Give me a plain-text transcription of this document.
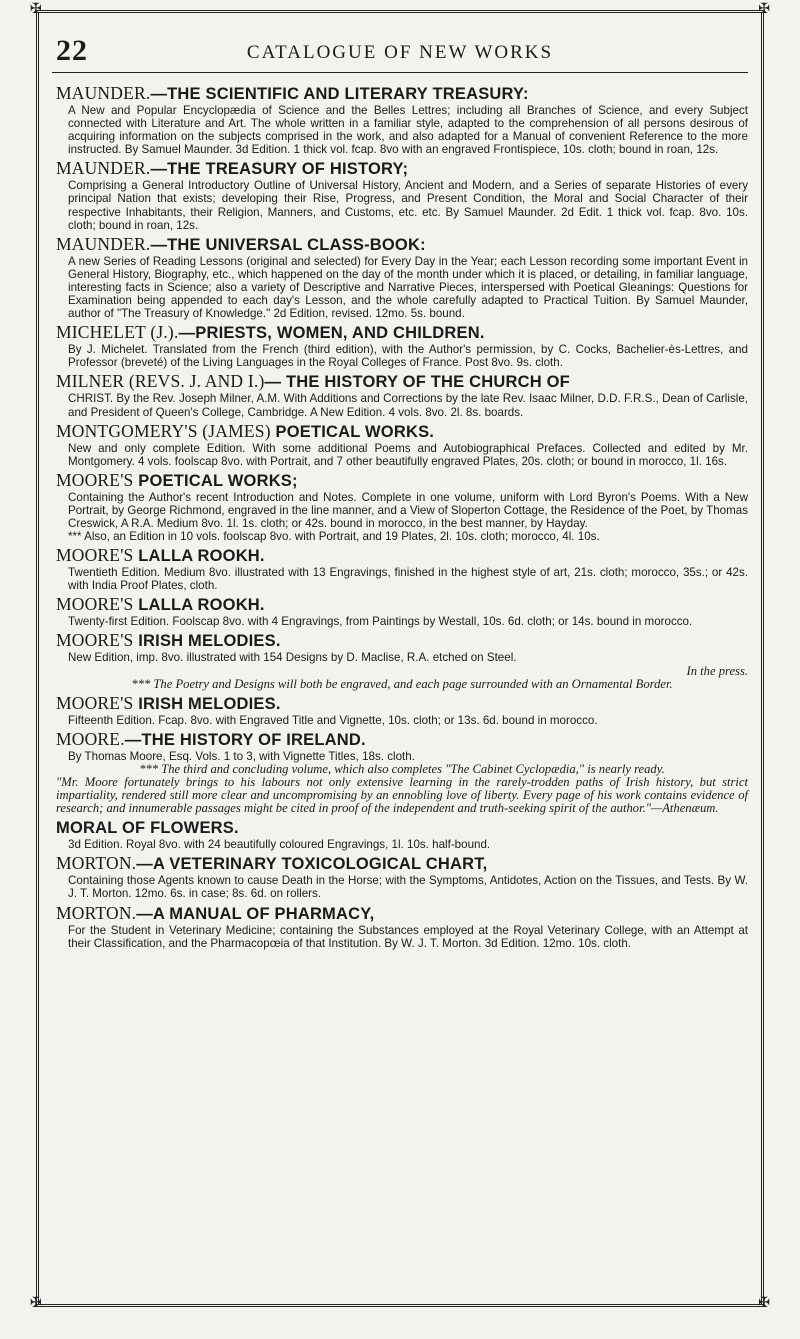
✠	✠
✠	✠
22	CATALOGUE OF NEW WORKS
MAUNDER.—THE SCIENTIFIC AND LITERARY TREASURY:
A New and Popular Encyclopædia of Science and the Belles Lettres; including all Branches of Science, and every Subject connected with Literature and Art. The whole written in a familiar style, adapted to the comprehension of all persons desirous of acquiring information on the subjects comprised in the work, and also adapted for a Manual of convenient Reference to the more instructed. By Samuel Maunder. 3d Edition. 1 thick vol. fcap. 8vo with an engraved Frontispiece, 10s. cloth; bound in roan, 12s.
MAUNDER.—THE TREASURY OF HISTORY;
Comprising a General Introductory Outline of Universal History, Ancient and Modern, and a Series of separate Histories of every principal Nation that exists; developing their Rise, Progress, and Present Condition, the Moral and Social Character of their respective Inhabitants, their Religion, Manners, and Customs, etc. etc. By Samuel Maunder. 2d Edit. 1 thick vol. fcap. 8vo. 10s. cloth; bound in roan, 12s.
MAUNDER.—THE UNIVERSAL CLASS-BOOK:
A new Series of Reading Lessons (original and selected) for Every Day in the Year; each Lesson recording some important Event in General History, Biography, etc., which happened on the day of the month under which it is placed, or detailing, in familiar language, interesting facts in Science; also a variety of Descriptive and Narrative Pieces, interspersed with Poetical Gleanings: Questions for Examination being appended to each day's Lesson, and the whole carefully adapted to Practical Tuition. By Samuel Maunder, author of "The Treasury of Knowledge." 2d Edition, revised. 12mo. 5s. bound.
MICHELET (J.).—PRIESTS, WOMEN, AND CHILDREN.
By J. Michelet. Translated from the French (third edition), with the Author's permission, by C. Cocks, Bachelier-ès-Lettres, and Professor (breveté) of the Living Languages in the Royal Colleges of France. Post 8vo. 9s. cloth.
MILNER (REVS. J. AND I.)— THE HISTORY OF THE CHURCH OF
CHRIST. By the Rev. Joseph Milner, A.M. With Additions and Corrections by the late Rev. Isaac Milner, D.D. F.R.S., Dean of Carlisle, and President of Queen's College, Cambridge. A New Edition. 4 vols. 8vo. 2l. 8s. boards.
MONTGOMERY'S (JAMES) POETICAL WORKS.
New and only complete Edition. With some additional Poems and Autobiographical Prefaces. Collected and edited by Mr. Montgomery. 4 vols. foolscap 8vo. with Portrait, and 7 other beautifully engraved Plates, 20s. cloth; or bound in morocco, 1l. 16s.
MOORE'S POETICAL WORKS;
Containing the Author's recent Introduction and Notes. Complete in one volume, uniform with Lord Byron's Poems. With a New Portrait, by George Richmond, engraved in the line manner, and a View of Sloperton Cottage, the Residence of the Poet, by Thomas Creswick, A R.A. Medium 8vo. 1l. 1s. cloth; or 42s. bound in morocco, in the best manner, by Hayday.
*** Also, an Edition in 10 vols. foolscap 8vo. with Portrait, and 19 Plates, 2l. 10s. cloth; morocco, 4l. 10s.
MOORE'S LALLA ROOKH.
Twentieth Edition. Medium 8vo. illustrated with 13 Engravings, finished in the highest style of art, 21s. cloth; morocco, 35s.; or 42s. with India Proof Plates, cloth.
MOORE'S LALLA ROOKH.
Twenty-first Edition. Foolscap 8vo. with 4 Engravings, from Paintings by Westall, 10s. 6d. cloth; or 14s. bound in morocco.
MOORE'S IRISH MELODIES.
New Edition, imp. 8vo. illustrated with 154 Designs by D. Maclise, R.A. etched on Steel.
In the press.
*** The Poetry and Designs will both be engraved, and each page surrounded with an Ornamental Border.
MOORE'S IRISH MELODIES.
Fifteenth Edition. Fcap. 8vo. with Engraved Title and Vignette, 10s. cloth; or 13s. 6d. bound in morocco.
MOORE.—THE HISTORY OF IRELAND.
By Thomas Moore, Esq. Vols. 1 to 3, with Vignette Titles, 18s. cloth.
*** The third and concluding volume, which also completes "The Cabinet Cyclopædia," is nearly ready.
"Mr. Moore fortunately brings to his labours not only extensive learning in the rarely-trodden paths of Irish history, but strict impartiality, rendered still more clear and uncompromising by an ennobling love of liberty. Every page of his work contains evidence of research; and innumerable passages might be cited in proof of the independent and truth-seeking spirit of the author."—Athenæum.
MORAL OF FLOWERS.
3d Edition. Royal 8vo. with 24 beautifully coloured Engravings, 1l. 10s. half-bound.
MORTON.—A VETERINARY TOXICOLOGICAL CHART,
Containing those Agents known to cause Death in the Horse; with the Symptoms, Antidotes, Action on the Tissues, and Tests. By W. J. T. Morton. 12mo. 6s. in case; 8s. 6d. on rollers.
MORTON.—A MANUAL OF PHARMACY,
For the Student in Veterinary Medicine; containing the Substances employed at the Royal Veterinary College, with an Attempt at their Classification, and the Pharmacopœia of that Institution. By W. J. T. Morton. 3d Edition. 12mo. 10s. cloth.
